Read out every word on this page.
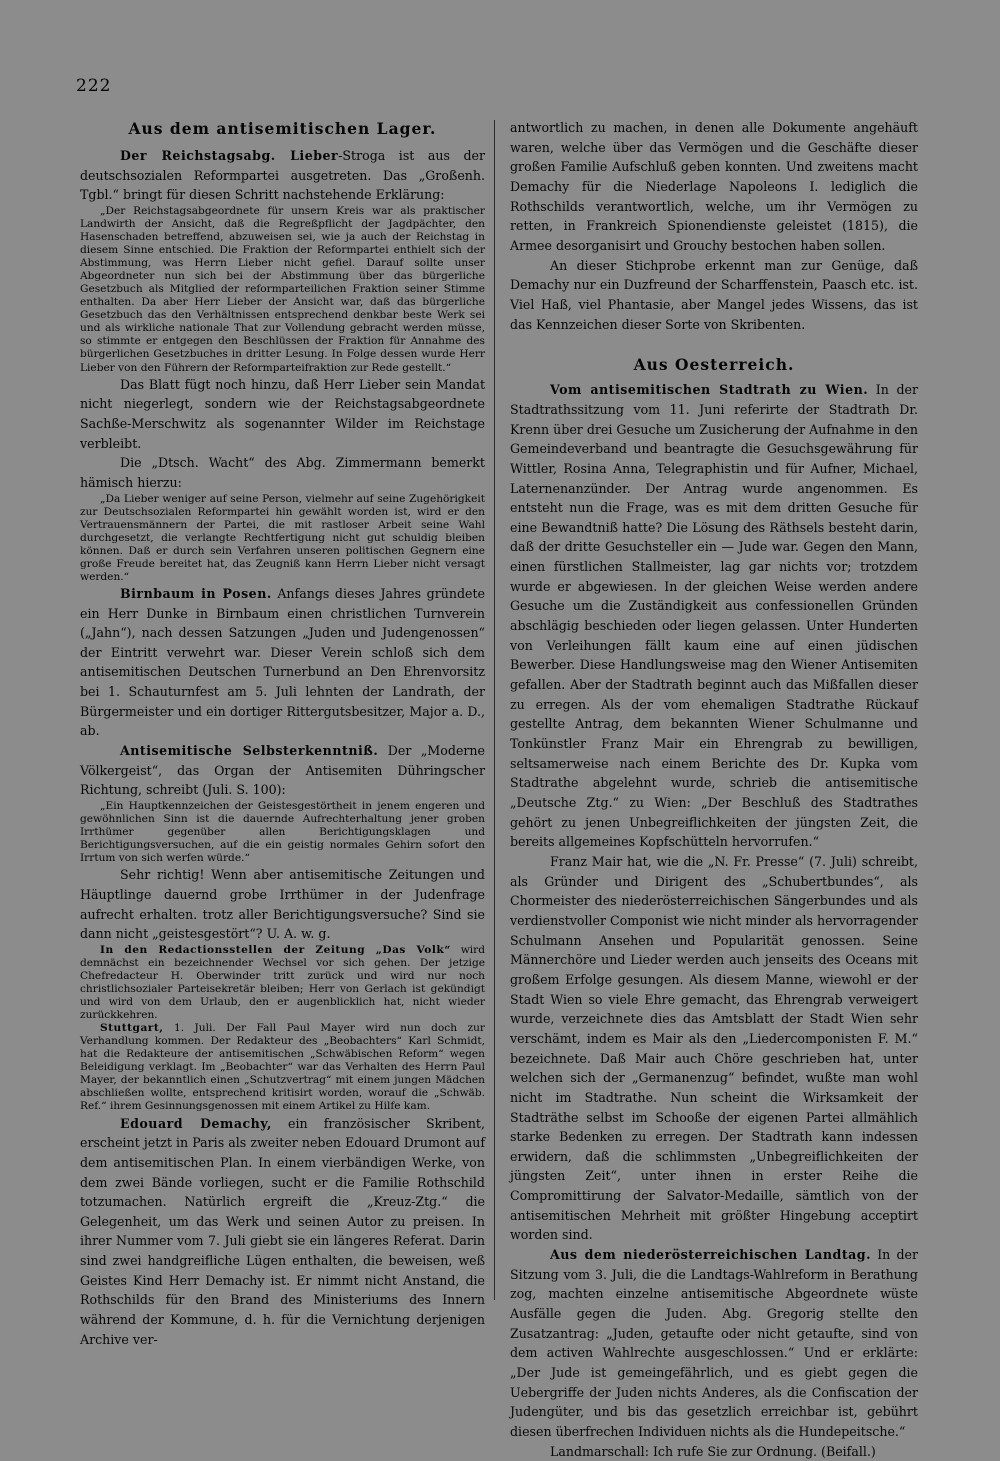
222
Aus dem antisemitischen Lager.

Der Reichstagsabg. Lieber-Stroga ist aus der deutschsozialen Reformpartei ausgetreten. Das „Großenh. Tgbl.“ bringt für diesen Schritt nachstehende Erklärung:

„Der Reichstagsabgeordnete für unsern Kreis war als praktischer Landwirth der Ansicht, daß die Regreßpflicht der Jagdpächter, den Hasenschaden betreffend, abzuweisen sei, wie ja auch der Reichstag in diesem Sinne entschied. Die Fraktion der Reformpartei enthielt sich der Abstimmung, was Herrn Lieber nicht gefiel. Darauf sollte unser Abgeordneter nun sich bei der Abstimmung über das bürgerliche Gesetzbuch als Mitglied der reformparteilichen Fraktion seiner Stimme enthalten. Da aber Herr Lieber der Ansicht war, daß das bürgerliche Gesetzbuch das den Verhältnissen entsprechend denkbar beste Werk sei und als wirkliche nationale That zur Vollendung gebracht werden müsse, so stimmte er entgegen den Beschlüssen der Fraktion für Annahme des bürgerlichen Gesetzbuches in dritter Lesung. In Folge dessen wurde Herr Lieber von den Führern der Reformparteifraktion zur Rede gestellt.“

Das Blatt fügt noch hinzu, daß Herr Lieber sein Mandat nicht niegerlegt, sondern wie der Reichstagsabgeordnete Sachße-Merschwitz als sogenannter Wilder im Reichstage verbleibt.

Die „Dtsch. Wacht“ des Abg. Zimmermann bemerkt hämisch hierzu:

„Da Lieber weniger auf seine Person, vielmehr auf seine Zugehörigkeit zur Deutschsozialen Reformpartei hin gewählt worden ist, wird er den Vertrauensmännern der Partei, die mit rastloser Arbeit seine Wahl durchgesetzt, die verlangte Rechtfertigung nicht gut schuldig bleiben können. Daß er durch sein Verfahren unseren politischen Gegnern eine große Freude bereitet hat, das Zeugniß kann Herrn Lieber nicht versagt werden.“

Birnbaum in Posen. Anfangs dieses Jahres gründete ein Herr Dunke in Birnbaum einen christlichen Turnverein („Jahn“), nach dessen Satzungen „Juden und Judengenossen“ der Eintritt verwehrt war. Dieser Verein schloß sich dem antisemitischen Deutschen Turnerbund an Den Ehrenvorsitz bei 1. Schauturnfest am 5. Juli lehnten der Landrath, der Bürgermeister und ein dortiger Rittergutsbesitzer, Major a. D., ab.

Antisemitische Selbsterkenntniß. Der „Moderne Völkergeist“, das Organ der Antisemiten Dühringscher Richtung, schreibt (Juli. S. 100):

„Ein Hauptkennzeichen der Geistesgestörtheit in jenem engeren und gewöhnlichen Sinn ist die dauernde Aufrechterhaltung jener groben Irrthümer gegenüber allen Berichtigungsklagen und Berichtigungsversuchen, auf die ein geistig normales Gehirn sofort den Irrtum von sich werfen würde.“

Sehr richtig! Wenn aber antisemitische Zeitungen und Häuptlinge dauernd grobe Irrthümer in der Judenfrage aufrecht erhalten. trotz aller Berichtigungsversuche? Sind sie dann nicht „geistesgestört“? U. A. w. g.

In den Redactionsstellen der Zeitung „Das Volk“ wird demnächst ein bezeichnender Wechsel vor sich gehen. Der jetzige Chefredacteur H. Oberwinder tritt zurück und wird nur noch christlichsozialer Parteisekretär bleiben; Herr von Gerlach ist gekündigt und wird von dem Urlaub, den er augenblicklich hat, nicht wieder zurückkehren.

Stuttgart, 1. Juli. Der Fall Paul Mayer wird nun doch zur Verhandlung kommen. Der Redakteur des „Beobachters“ Karl Schmidt, hat die Redakteure der antisemitischen „Schwäbischen Reform“ wegen Beleidigung verklagt. Im „Beobachter“ war das Verhalten des Herrn Paul Mayer, der bekanntlich einen „Schutzvertrag“ mit einem jungen Mädchen abschließen wollte, entsprechend kritisirt worden, worauf die „Schwäb. Ref.“ ihrem Gesinnungsgenossen mit einem Artikel zu Hilfe kam.

Edouard Demachy, ein französischer Skribent, erscheint jetzt in Paris als zweiter neben Edouard Drumont auf dem antisemitischen Plan. In einem vierbändigen Werke, von dem zwei Bände vorliegen, sucht er die Familie Rothschild totzumachen. Natürlich ergreift die „Kreuz-Ztg.“ die Gelegenheit, um das Werk und seinen Autor zu preisen. In ihrer Nummer vom 7. Juli giebt sie ein längeres Referat. Darin sind zwei handgreifliche Lügen enthalten, die beweisen, weß Geistes Kind Herr Demachy ist. Er nimmt nicht Anstand, die Rothschilds für den Brand des Ministeriums des Innern während der Kommune, d. h. für die Vernichtung derjenigen Archive ver-

antwortlich zu machen, in denen alle Dokumente angehäuft waren, welche über das Vermögen und die Geschäfte dieser großen Familie Aufschluß geben konnten. Und zweitens macht Demachy für die Niederlage Napoleons I. lediglich die Rothschilds verantwortlich, welche, um ihr Vermögen zu retten, in Frankreich Spionendienste geleistet (1815), die Armee desorganisirt und Grouchy bestochen haben sollen.

An dieser Stichprobe erkennt man zur Genüge, daß Demachy nur ein Duzfreund der Scharffenstein, Paasch etc. ist. Viel Haß, viel Phantasie, aber Mangel jedes Wissens, das ist das Kennzeichen dieser Sorte von Skribenten.

Aus Oesterreich.

Vom antisemitischen Stadtrath zu Wien. In der Stadtrathssitzung vom 11. Juni referirte der Stadtrath Dr. Krenn über drei Gesuche um Zusicherung der Aufnahme in den Gemeindeverband und beantragte die Gesuchsgewährung für Wittler, Rosina Anna, Telegraphistin und für Aufner, Michael, Laternenanzünder. Der Antrag wurde angenommen. Es entsteht nun die Frage, was es mit dem dritten Gesuche für eine Bewandtniß hatte? Die Lösung des Räthsels besteht darin, daß der dritte Gesuchsteller ein — Jude war. Gegen den Mann, einen fürstlichen Stallmeister, lag gar nichts vor; trotzdem wurde er abgewiesen. In der gleichen Weise werden andere Gesuche um die Zuständigkeit aus confessionellen Gründen abschlägig beschieden oder liegen gelassen. Unter Hunderten von Verleihungen fällt kaum eine auf einen jüdischen Bewerber. Diese Handlungsweise mag den Wiener Antisemiten gefallen. Aber der Stadtrath beginnt auch das Mißfallen dieser zu erregen. Als der vom ehemaligen Stadtrathe Rückauf gestellte Antrag, dem bekannten Wiener Schulmanne und Tonkünstler Franz Mair ein Ehrengrab zu bewilligen, seltsamerweise nach einem Berichte des Dr. Kupka vom Stadtrathe abgelehnt wurde, schrieb die antisemitische „Deutsche Ztg.“ zu Wien: „Der Beschluß des Stadtrathes gehört zu jenen Unbegreiflichkeiten der jüngsten Zeit, die bereits allgemeines Kopfschütteln hervorrufen.“

Franz Mair hat, wie die „N. Fr. Presse“ (7. Juli) schreibt, als Gründer und Dirigent des „Schubertbundes“, als Chormeister des niederösterreichischen Sängerbundes und als verdienstvoller Componist wie nicht minder als hervorragender Schulmann Ansehen und Popularität genossen. Seine Männerchöre und Lieder werden auch jenseits des Oceans mit großem Erfolge gesungen. Als diesem Manne, wiewohl er der Stadt Wien so viele Ehre gemacht, das Ehrengrab verweigert wurde, verzeichnete dies das Amtsblatt der Stadt Wien sehr verschämt, indem es Mair als den „Liedercomponisten F. M.“ bezeichnete. Daß Mair auch Chöre geschrieben hat, unter welchen sich der „Germanenzug“ befindet, wußte man wohl nicht im Stadtrathe. Nun scheint die Wirksamkeit der Stadträthe selbst im Schooße der eigenen Partei allmählich starke Bedenken zu erregen. Der Stadtrath kann indessen erwidern, daß die schlimmsten „Unbegreiflichkeiten der jüngsten Zeit“, unter ihnen in erster Reihe die Compromittirung der Salvator-Medaille, sämtlich von der antisemitischen Mehrheit mit größter Hingebung acceptirt worden sind.

Aus dem niederösterreichischen Landtag. In der Sitzung vom 3. Juli, die die Landtags-Wahlreform in Berathung zog, machten einzelne antisemitische Abgeordnete wüste Ausfälle gegen die Juden. Abg. Gregorig stellte den Zusatzantrag: „Juden, getaufte oder nicht getaufte, sind von dem activen Wahlrechte ausgeschlossen.“ Und er erklärte: „Der Jude ist gemeingefährlich, und es giebt gegen die Uebergriffe der Juden nichts Anderes, als die Confiscation der Judengüter, und bis das gesetzlich erreichbar ist, gebührt diesen überfrechen Individuen nichts als die Hundepeitsche.“

Landmarschall: Ich rufe Sie zur Ordnung. (Beifall.)
